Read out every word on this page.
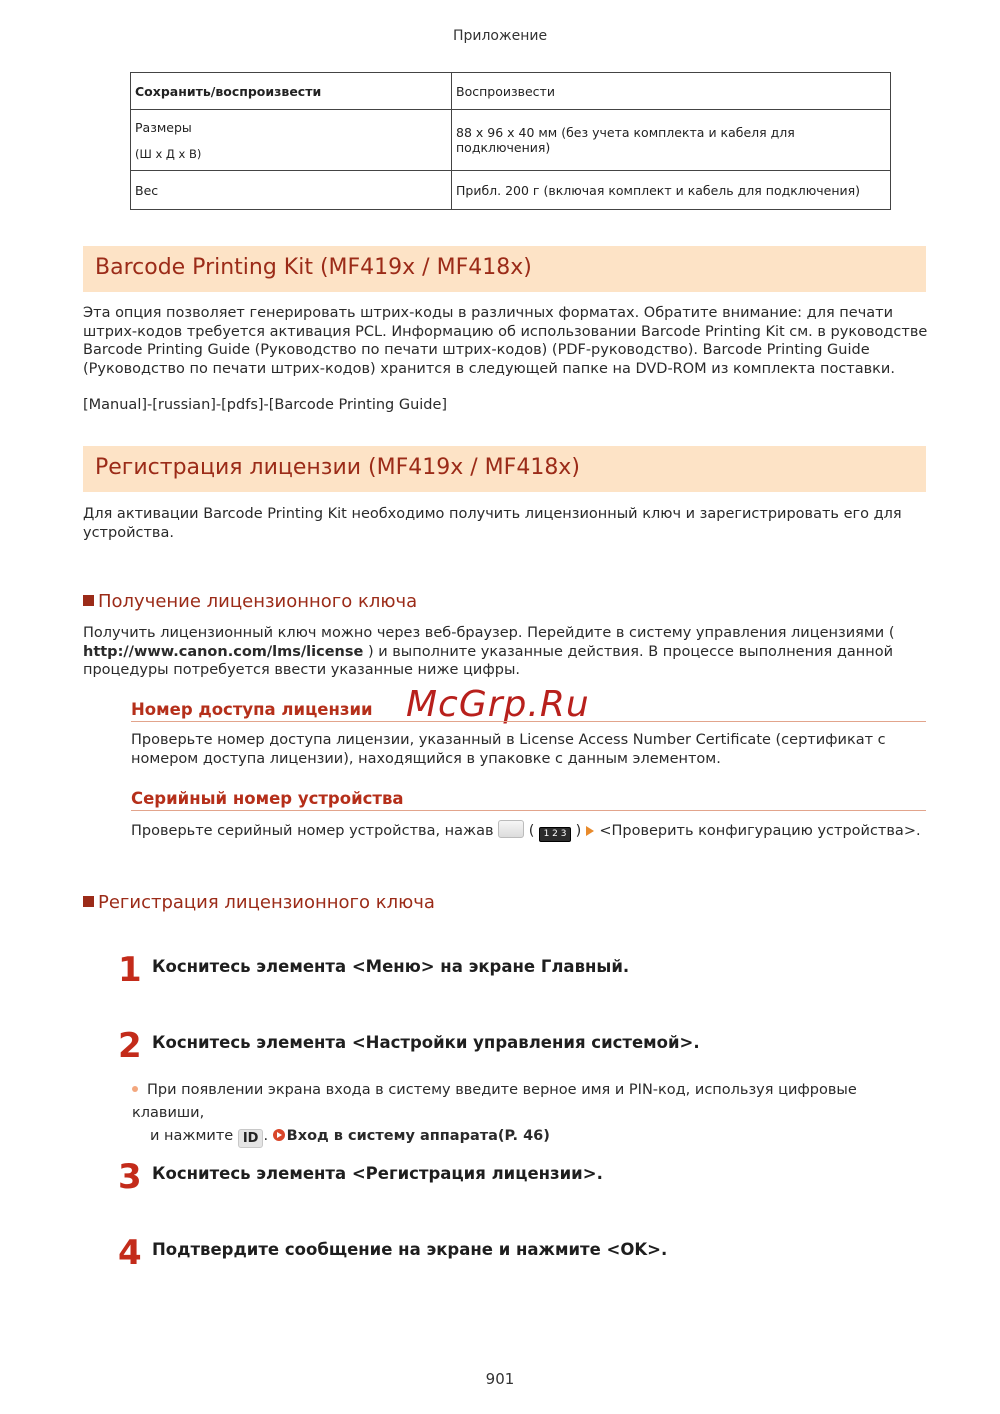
Приложение
Сохранить/воспроизвести	Воспроизвести
Размеры
(Ш x Д x В)	88 x 96 x 40 мм (без учета комплекта и кабеля для подключения)
Вес	Прибл. 200 г (включая комплект и кабель для подключения)
Barcode Printing Kit (MF419x / MF418x)
Эта опция позволяет генерировать штрих-коды в различных форматах. Обратите внимание: для печати штрих-кодов требуется активация PCL. Информацию об использовании Barcode Printing Kit см. в руководстве Barcode Printing Guide (Руководство по печати штрих-кодов) (PDF-руководство). Barcode Printing Guide (Руководство по печати штрих-кодов) хранится в следующей папке на DVD-ROM из комплекта поставки.
[Manual]-[russian]-[pdfs]-[Barcode Printing Guide]
Регистрация лицензии (MF419x / MF418x)
Для активации Barcode Printing Kit необходимо получить лицензионный ключ и зарегистрировать его для устройства.
Получение лицензионного ключа
Получить лицензионный ключ можно через веб-браузер. Перейдите в систему управления лицензиями ( http://www.canon.com/lms/license ) и выполните указанные действия. В процессе выполнения данной процедуры потребуется ввести указанные ниже цифры.
McGrp.Ru
Номер доступа лицензии
Проверьте номер доступа лицензии, указанный в License Access Number Certificate (сертификат с номером доступа лицензии), находящийся в упаковке с данным элементом.
Серийный номер устройства
Проверьте серийный номер устройства, нажав ( 1 2 3 ) <Проверить конфигурацию устройства>.
Регистрация лицензионного ключа
1 Коснитесь элемента <Меню> на экране Главный.
2 Коснитесь элемента <Настройки управления системой>.
При появлении экрана входа в систему введите верное имя и PIN-код, используя цифровые клавиши,
и нажмите ID . Вход в систему аппарата(P. 46)
3 Коснитесь элемента <Регистрация лицензии>.
4 Подтвердите сообщение на экране и нажмите <OK>.
901
